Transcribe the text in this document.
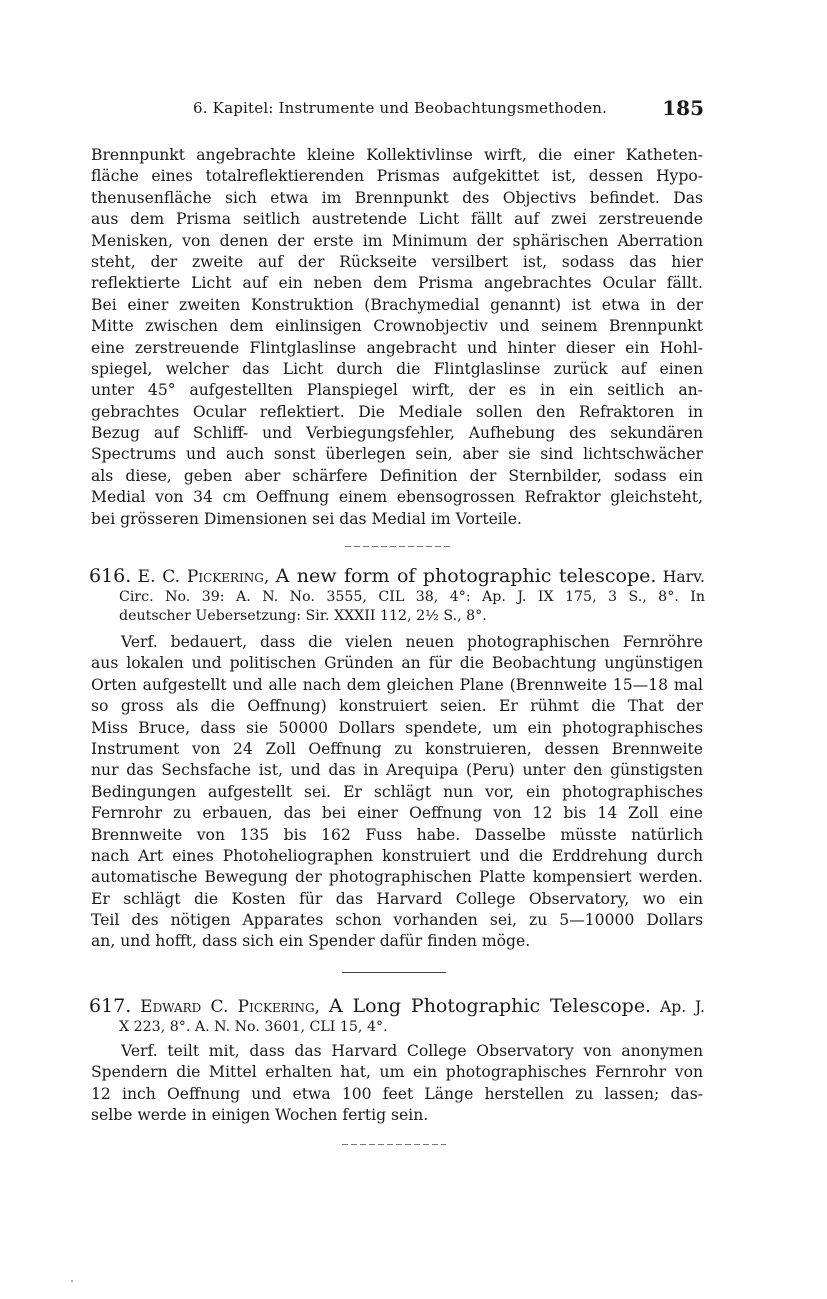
6. Kapitel: Instrumente und Beobachtungsmethoden.	185
Brennpunkt angebrachte kleine Kollektivlinse wirft, die einer Katheten-
fläche eines totalreflektierenden Prismas aufgekittet ist, dessen Hypo-
thenusenfläche sich etwa im Brennpunkt des Objectivs befindet. Das
aus dem Prisma seitlich austretende Licht fällt auf zwei zerstreuende
Menisken, von denen der erste im Minimum der sphärischen Aberration
steht, der zweite auf der Rückseite versilbert ist, sodass das hier
reflektierte Licht auf ein neben dem Prisma angebrachtes Ocular fällt.
Bei einer zweiten Konstruktion (Brachymedial genannt) ist etwa in der
Mitte zwischen dem einlinsigen Crownobjectiv und seinem Brennpunkt
eine zerstreuende Flintglaslinse angebracht und hinter dieser ein Hohl-
spiegel, welcher das Licht durch die Flintglaslinse zurück auf einen
unter 45° aufgestellten Planspiegel wirft, der es in ein seitlich an-
gebrachtes Ocular reflektiert. Die Mediale sollen den Refraktoren in
Bezug auf Schliff- und Verbiegungsfehler, Aufhebung des sekundären
Spectrums und auch sonst überlegen sein, aber sie sind lichtschwächer
als diese, geben aber schärfere Definition der Sternbilder, sodass ein
Medial von 34 cm Oeffnung einem ebensogrossen Refraktor gleichsteht,
bei grösseren Dimensionen sei das Medial im Vorteile.
616. E. C. Pickering, A new form of photographic telescope. Harv.
Circ. No. 39: A. N. No. 3555, CIL 38, 4°: Ap. J. IX 175, 3 S., 8°. In
deutscher Uebersetzung: Sir. XXXII 112, 2½ S., 8°.
Verf. bedauert, dass die vielen neuen photographischen Fernröhre
aus lokalen und politischen Gründen an für die Beobachtung ungünstigen
Orten aufgestellt und alle nach dem gleichen Plane (Brennweite 15—18 mal
so gross als die Oeffnung) konstruiert seien. Er rühmt die That der
Miss Bruce, dass sie 50000 Dollars spendete, um ein photographisches
Instrument von 24 Zoll Oeffnung zu konstruieren, dessen Brennweite
nur das Sechsfache ist, und das in Arequipa (Peru) unter den günstigsten
Bedingungen aufgestellt sei. Er schlägt nun vor, ein photographisches
Fernrohr zu erbauen, das bei einer Oeffnung von 12 bis 14 Zoll eine
Brennweite von 135 bis 162 Fuss habe. Dasselbe müsste natürlich
nach Art eines Photoheliographen konstruiert und die Erddrehung durch
automatische Bewegung der photographischen Platte kompensiert werden.
Er schlägt die Kosten für das Harvard College Observatory, wo ein
Teil des nötigen Apparates schon vorhanden sei, zu 5—10000 Dollars
an, und hofft, dass sich ein Spender dafür finden möge.
617. Edward C. Pickering, A Long Photographic Telescope. Ap. J.
X 223, 8°. A. N. No. 3601, CLI 15, 4°.
Verf. teilt mit, dass das Harvard College Observatory von anonymen
Spendern die Mittel erhalten hat, um ein photographisches Fernrohr von
12 inch Oeffnung und etwa 100 feet Länge herstellen zu lassen; das-
selbe werde in einigen Wochen fertig sein.
